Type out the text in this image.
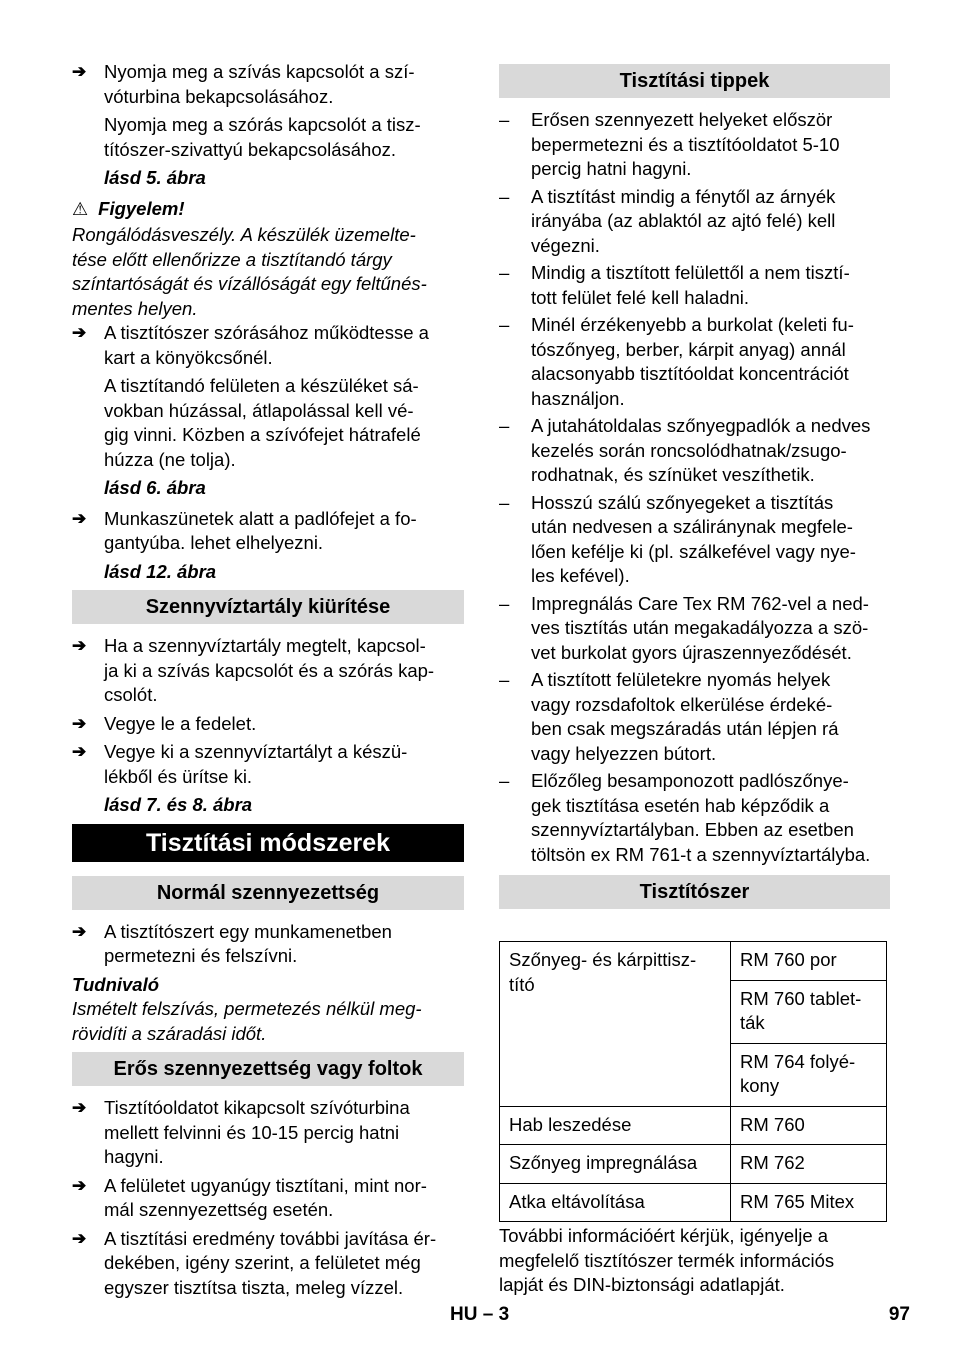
➔ Nyomja meg a szívás kapcsolót a szí-

vóturbina bekapcsolásához.

Nyomja meg a szórás kapcsolót a tisz-

títószer-szivattyú bekapcsolásához.

lásd 5. ábra

⚠ Figyelem!

Rongálódásveszély. A készülék üzemelte-

tése előtt ellenőrizze a tisztítandó tárgy

színtartóságát és vízállóságát egy feltűnés-

mentes helyen.

➔ A tisztítószer szórásához működtesse a

kart a könyökcsőnél.

A tisztítandó felületen a készüléket sá-

vokban húzással, átlapolással kell vé-

gig vinni. Közben a szívófejet hátrafelé

húzza (ne tolja).

lásd 6. ábra

➔ Munkaszünetek alatt a padlófejet a fo-

gantyúba. lehet elhelyezni.

lásd 12. ábra

Szennyvíztartály kiürítése
➔ Ha a szennyvíztartály megtelt, kapcsol-

ja ki a szívás kapcsolót és a szórás kap-

csolót.

➔ Vegye le a fedelet.

➔ Vegye ki a szennyvíztartályt a készü-

lékből és ürítse ki.

lásd 7. és 8. ábra

Tisztítási módszerek
Normál szennyezettség
➔ A tisztítószert egy munkamenetben

permetezni és felszívni.

Tudnivaló

Ismételt felszívás, permetezés nélkül meg-

rövidíti a száradási időt.

Erős szennyezettség vagy foltok
➔ Tisztítóoldatot kikapcsolt szívóturbina

mellett felvinni és 10-15 percig hatni

hagyni.

➔ A felületet ugyanúgy tisztítani, mint nor-

mál szennyezettség esetén.

➔ A tisztítási eredmény további javítása ér-

dekében, igény szerint, a felületet még

egyszer tisztítsa tiszta, meleg vízzel.

Tisztítási tippek
– Erősen szennyezett helyeket először

bepermetezni és a tisztítóoldatot 5-10

percig hatni hagyni.

– A tisztítást mindig a fénytől az árnyék

irányába (az ablaktól az ajtó felé) kell

végezni.

– Mindig a tisztított felülettől a nem tisztí-

tott felület felé kell haladni.

– Minél érzékenyebb a burkolat (keleti fu-

tószőnyeg, berber, kárpit anyag) annál

alacsonyabb tisztítóoldat koncentrációt

használjon.

– A jutahátoldalas szőnyegpadlók a nedves

kezelés során roncsolódhatnak/zsugo-

rodhatnak, és színüket veszíthetik.

– Hosszú szálú szőnyegeket a tisztítás

után nedvesen a száliránynak megfele-

lően kefélje ki (pl. szálkefével vagy nye-

les kefével).

– Impregnálás Care Tex RM 762-vel a ned-

ves tisztítás után megakadályozza a szö-

vet burkolat gyors újraszennyeződését.

– A tisztított felületekre nyomás helyek

vagy rozsdafoltok elkerülése érdeké-

ben csak megszáradás után lépjen rá

vagy helyezzen bútort.

– Előzőleg besamponozott padlószőnye-

gek tisztítása esetén hab képződik a

szennyvíztartályban. Ebben az esetben

töltsön ex RM 761-t a szennyvíztartályba.

Tisztítószer

Szőnyeg- és kárpittisz-

tító	RM 760 por

	RM 760 tablet-

ták

	RM 764 folyé-

kony

Hab leszedése	RM 760
Szőnyeg impregnálása	RM 762
Atka eltávolítása	RM 765 Mitex

További információért kérjük, igényelje a

megfelelő tisztítószer termék információs

lapját és DIN-biztonsági adatlapját.

HU – 3	97
